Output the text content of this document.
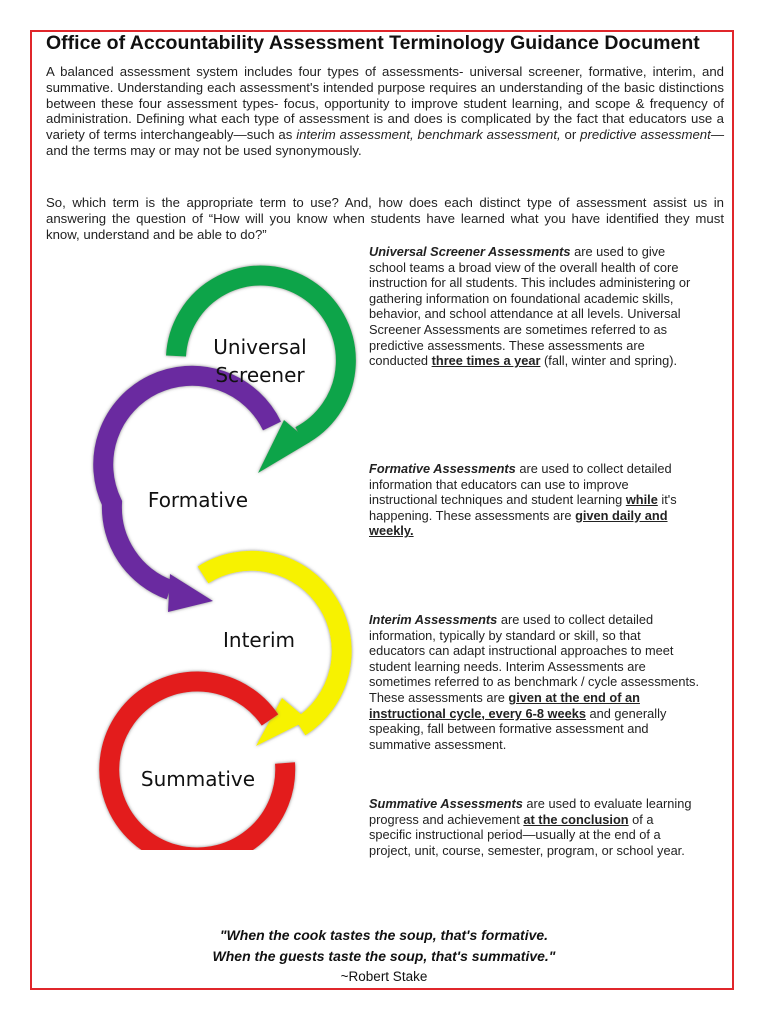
Office of Accountability Assessment Terminology Guidance Document
A balanced assessment system includes four types of assessments- universal screener, formative, interim, and summative. Understanding each assessment's intended purpose requires an understanding of the basic distinctions between these four assessment types- focus, opportunity to improve student learning, and scope & frequency of administration. Defining what each type of assessment is and does is complicated by the fact that educators use a variety of terms interchangeably—such as interim assessment, benchmark assessment, or predictive assessment—and the terms may or may not be used synonymously.
So, which term is the appropriate term to use? And, how does each distinct type of assessment assist us in answering the question of “How will you know when students have learned what you have identified they must know, understand and be able to do?”
Universal
Screener
Formative
Interim
Summative
Universal Screener Assessments are used to give school teams a broad view of the overall health of core instruction for all students. This includes administering or gathering information on foundational academic skills, behavior, and school attendance at all levels. Universal Screener Assessments are sometimes referred to as predictive assessments. These assessments are conducted three times a year (fall, winter and spring).
Formative Assessments are used to collect detailed information that educators can use to improve instructional techniques and student learning while it's happening. These assessments are given daily and weekly.
Interim Assessments are used to collect detailed information, typically by standard or skill, so that educators can adapt instructional approaches to meet student learning needs. Interim Assessments are sometimes referred to as benchmark / cycle assessments. These assessments are given at the end of an instructional cycle, every 6-8 weeks and generally speaking, fall between formative assessment and summative assessment.
Summative Assessments are used to evaluate learning progress and achievement at the conclusion of a specific instructional period—usually at the end of a project, unit, course, semester, program, or school year.
"When the cook tastes the soup, that's formative.
When the guests taste the soup, that's summative."
~Robert Stake
